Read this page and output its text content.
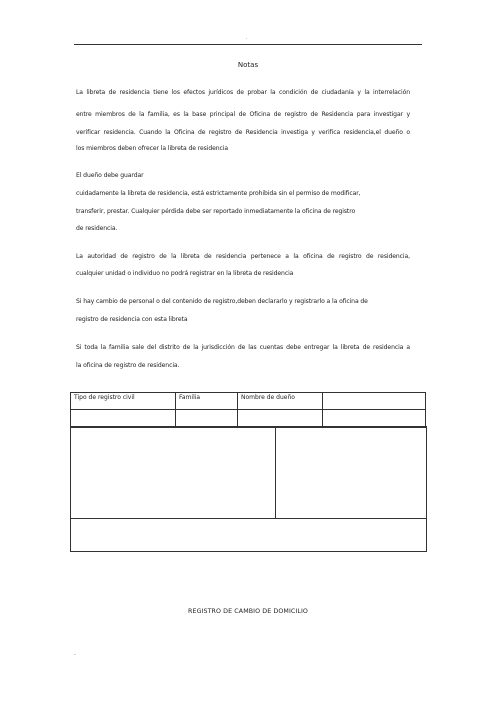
·
Notas
La libreta de residencia tiene los efectos jurídicos de probar la condición de ciudadanía y la interrelación
entre miembros de la familia, es la base principal de Oficina de registro de Residencia para investigar y
verificar residencia. Cuando la Oficina de registro de Residencia investiga y verifica residencia,el dueño o
los miembros deben ofrecer la libreta de residencia
El dueño debe guardar
cuidadamente la libreta de residencia, está estrictamente prohibida sin el permiso de modificar,
transferir, prestar. Cualquier pérdida debe ser reportado inmediatamente la oficina de registro
de residencia.
La autoridad de registro de la libreta de residencia pertenece a la oficina de registro de residencia,
cualquier unidad o individuo no podrá registrar en la libreta de residencia
Si hay cambio de personal o del contenido de registro,deben declararlo y registrarlo a la oficina de
registro de residencia con esta libreta
Si toda la familia sale del distrito de la jurisdicción de las cuentas debe entregar la libreta de residencia a
la oficina de registro de residencia.
Tipo de registro civil	Familia	Nombre de dueño	

REGISTRO DE CAMBIO DE DOMICILIO
-
